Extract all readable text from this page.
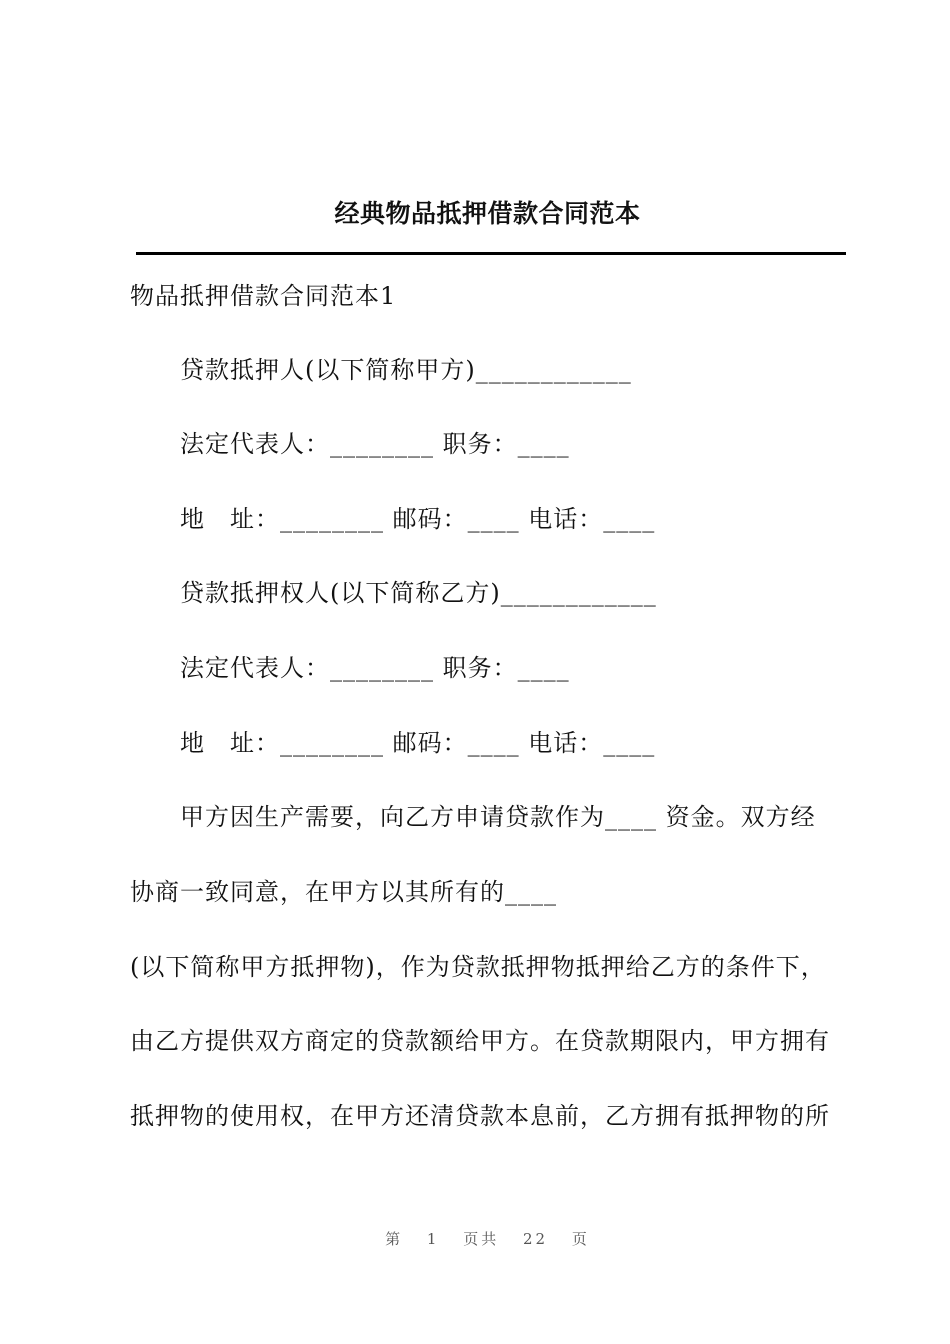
经典物品抵押借款合同范本
物品抵押借款合同范本1
贷款抵押人(以下简称甲方)____________
法定代表人：________ 职务：____
地　址：________ 邮码：____ 电话：____
贷款抵押权人(以下简称乙方)____________
法定代表人：________ 职务：____
地　址：________ 邮码：____ 电话：____
甲方因生产需要，向乙方申请贷款作为____ 资金。双方经
协商一致同意，在甲方以其所有的____
(以下简称甲方抵押物)，作为贷款抵押物抵押给乙方的条件下，
由乙方提供双方商定的贷款额给甲方。在贷款期限内，甲方拥有
抵押物的使用权，在甲方还清贷款本息前，乙方拥有抵押物的所
第 1 页共 22 页
